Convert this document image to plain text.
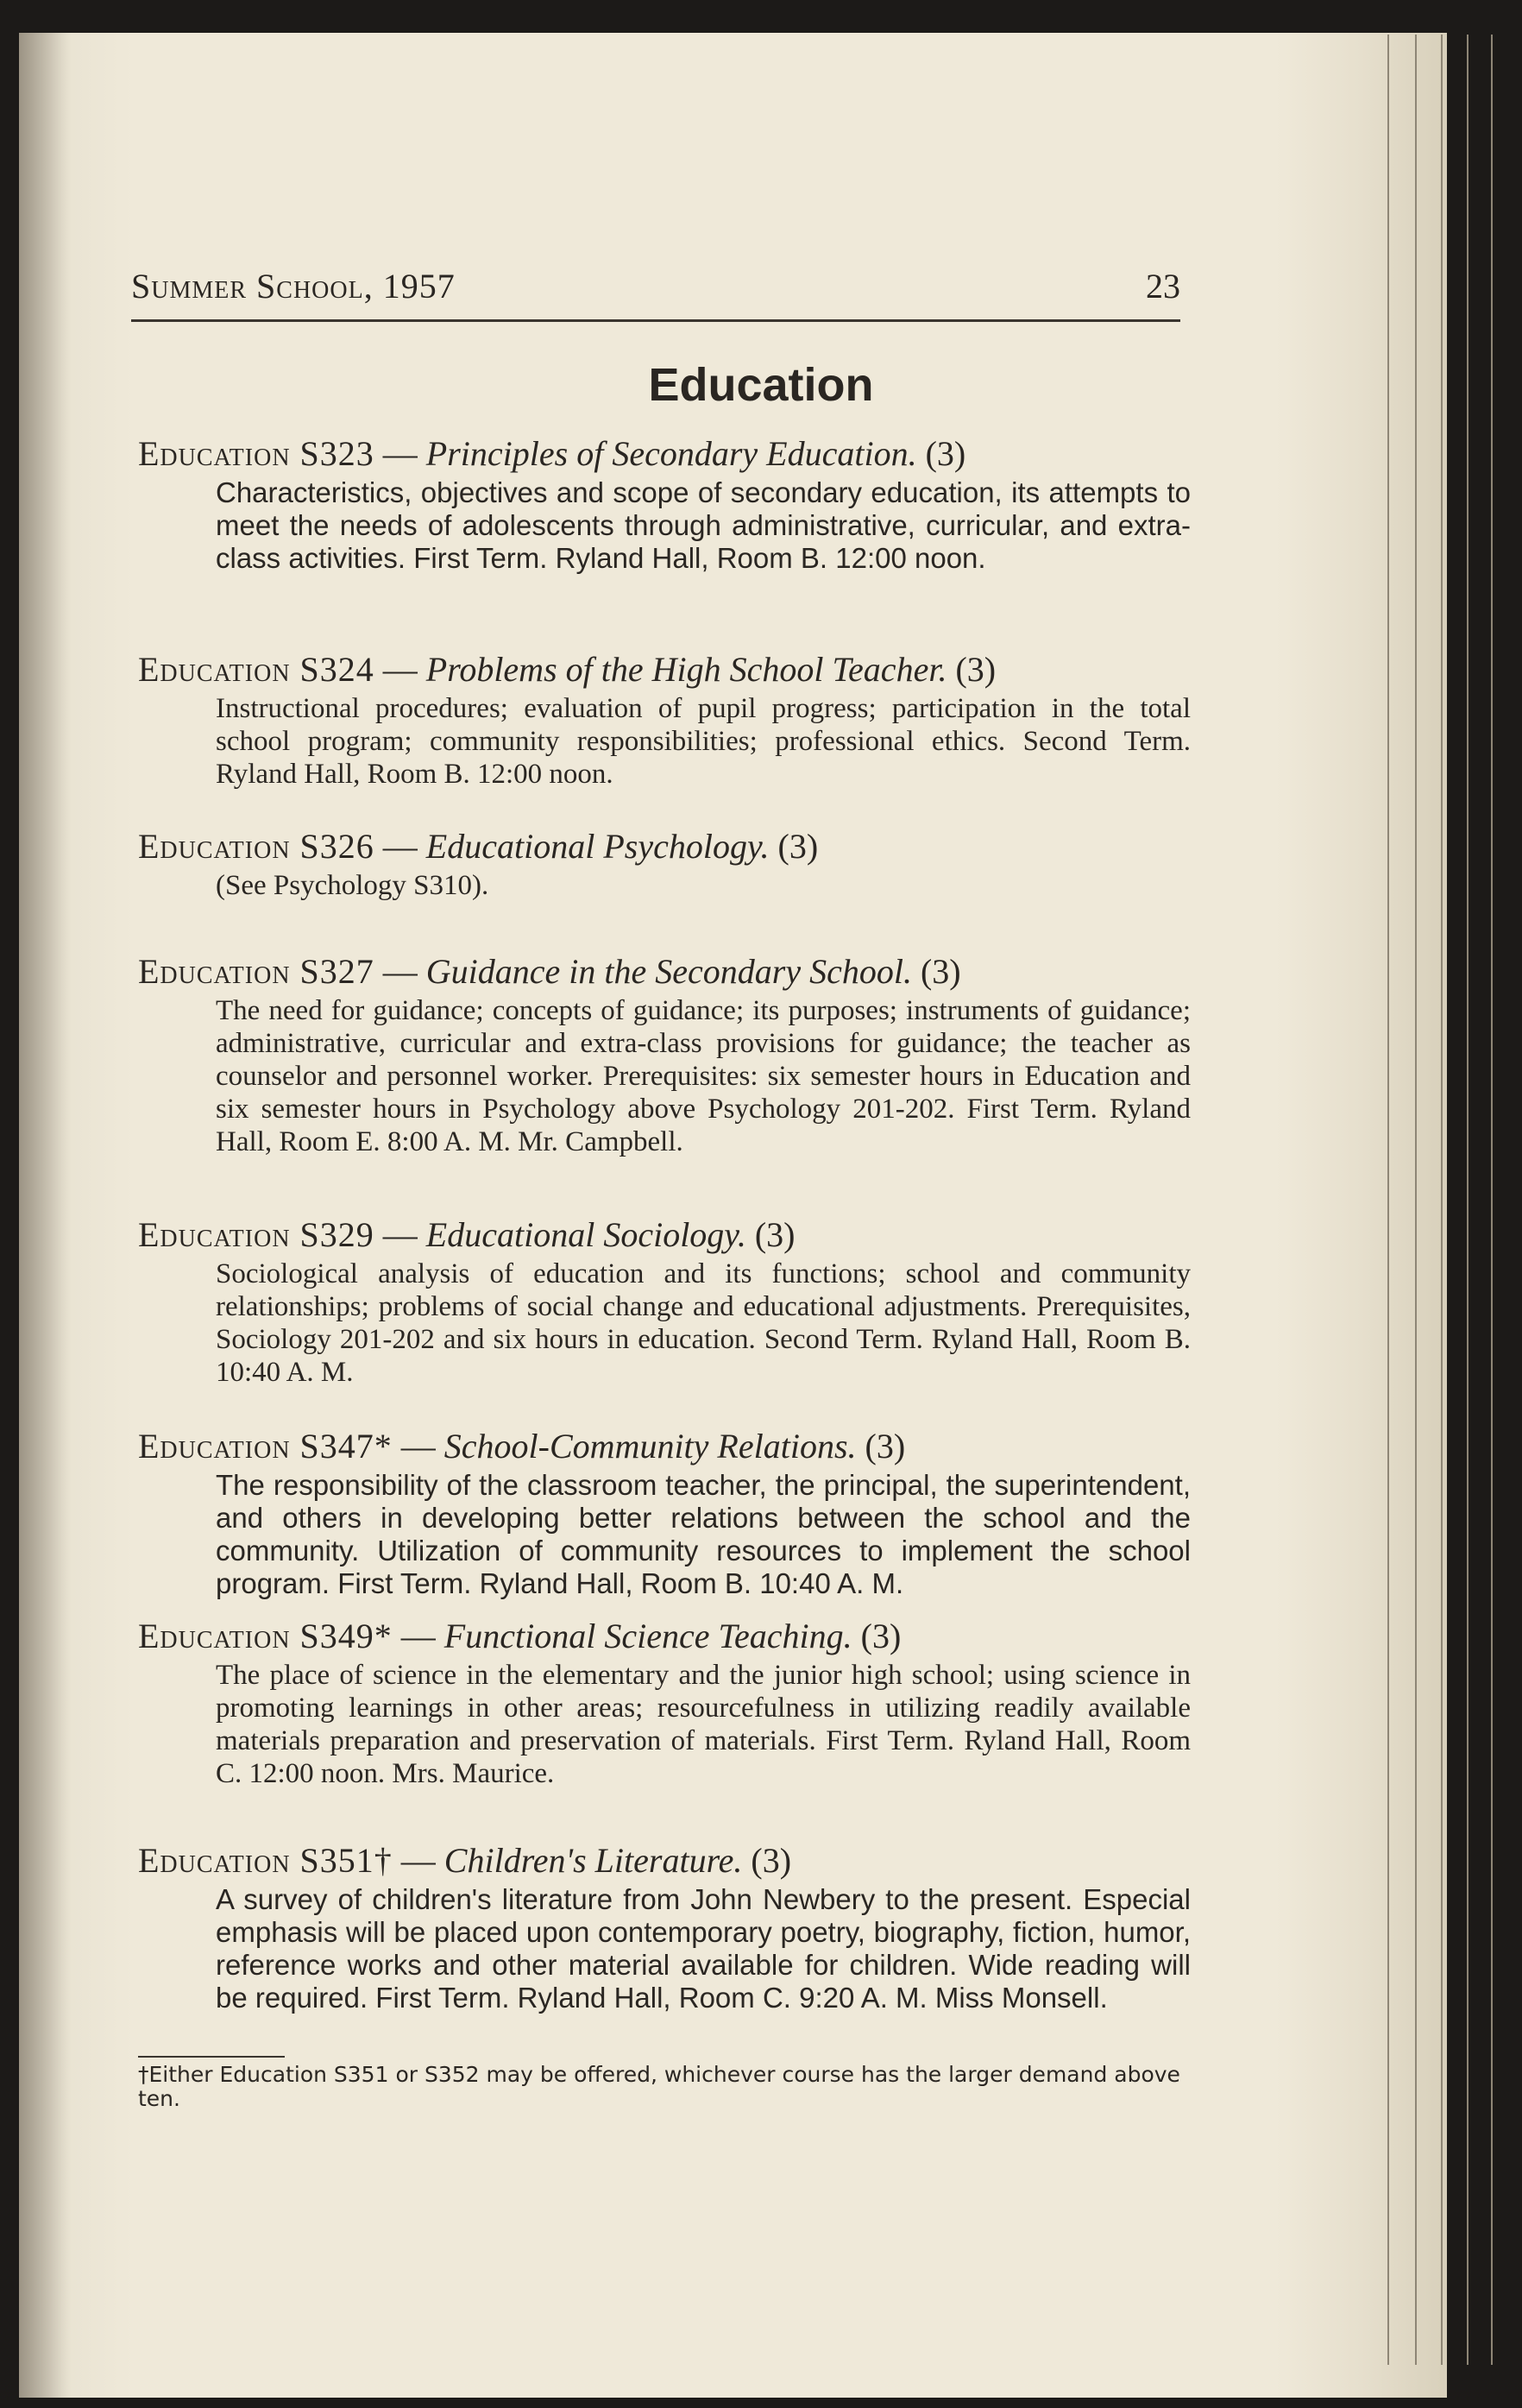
Summer School, 1957	23
Education
Education S323 — Principles of Secondary Education. (3)
Characteristics, objectives and scope of secondary education, its attempts to meet the needs of adolescents through administrative, curricular, and extra-class activities. First Term. Ryland Hall, Room B. 12:00 noon.
Education S324 — Problems of the High School Teacher. (3)
Instructional procedures; evaluation of pupil progress; participation in the total school program; community responsibilities; professional ethics. Second Term. Ryland Hall, Room B. 12:00 noon.
Education S326 — Educational Psychology. (3)
(See Psychology S310).
Education S327 — Guidance in the Secondary School. (3)
The need for guidance; concepts of guidance; its purposes; instruments of guidance; administrative, curricular and extra-class provisions for guidance; the teacher as counselor and personnel worker. Prerequisites: six semester hours in Education and six semester hours in Psychology above Psychology 201-202. First Term. Ryland Hall, Room E. 8:00 A. M. Mr. Campbell.
Education S329 — Educational Sociology. (3)
Sociological analysis of education and its functions; school and community relationships; problems of social change and educational adjustments. Prerequisites, Sociology 201-202 and six hours in education. Second Term. Ryland Hall, Room B. 10:40 A. M.
Education S347* — School-Community Relations. (3)
The responsibility of the classroom teacher, the principal, the superintendent, and others in developing better relations between the school and the community. Utilization of community resources to implement the school program. First Term. Ryland Hall, Room B. 10:40 A. M.
Education S349* — Functional Science Teaching. (3)
The place of science in the elementary and the junior high school; using science in promoting learnings in other areas; resourcefulness in utilizing readily available materials preparation and preservation of materials. First Term. Ryland Hall, Room C. 12:00 noon. Mrs. Maurice.
Education S351† — Children's Literature. (3)
A survey of children's literature from John Newbery to the present. Especial emphasis will be placed upon contemporary poetry, biography, fiction, humor, reference works and other material available for children. Wide reading will be required. First Term. Ryland Hall, Room C. 9:20 A. M. Miss Monsell.
†Either Education S351 or S352 may be offered, whichever course has the larger demand above ten.
